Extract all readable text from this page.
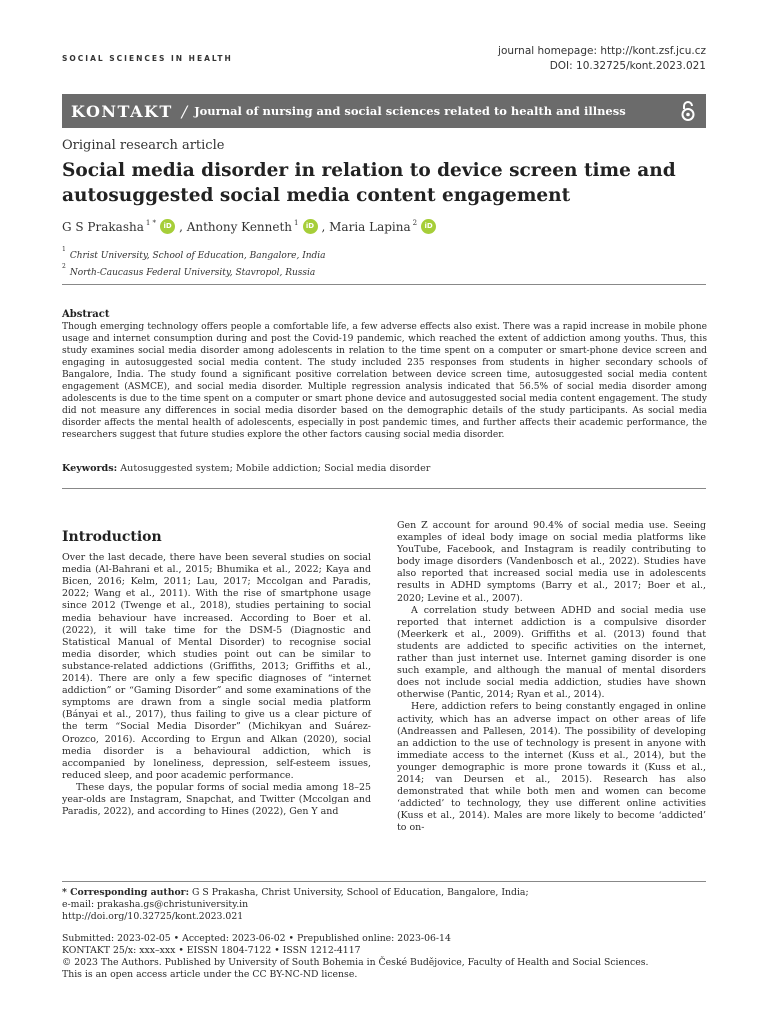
SOCIAL SCIENCES IN HEALTH
journal homepage: http://kont.zsf.jcu.cz
DOI: 10.32725/kont.2023.021
KONTAKT / Journal of nursing and social sciences related to health and illness
Original research article
Social media disorder in relation to device screen time and autosuggested social media content engagement
G S Prakasha $^{1 *}$	iD , Anthony Kenneth $^1$	iD , Maria Lapina $^2$	iD
$^1$Christ University, School of Education, Bangalore, India
$^2$North-Caucasus Federal University, Stavropol, Russia
Abstract
Though emerging technology offers people a comfortable life, a few adverse effects also exist. There was a rapid increase in mobile phone usage and internet consumption during and post the Covid-19 pandemic, which reached the extent of addiction among youths. Thus, this study examines social media disorder among adolescents in relation to the time spent on a computer or smart-phone device screen and engaging in autosuggested social media content. The study included 235 responses from students in higher secondary schools of Bangalore, India. The study found a significant positive correlation between device screen time, autosuggested social media content engagement (ASMCE), and social media disorder. Multiple regression analysis indicated that 56.5% of social media disorder among adolescents is due to the time spent on a computer or smart phone device and autosuggested social media content engagement. The study did not measure any differences in social media disorder based on the demographic details of the study participants. As social media disorder affects the mental health of adolescents, especially in post pandemic times, and further affects their academic performance, the researchers suggest that future studies explore the other factors causing social media disorder.
Keywords: Autosuggested system; Mobile addiction; Social media disorder
Introduction

Over the last decade, there have been several studies on social media (Al-Bahrani et al., 2015; Bhumika et al., 2022; Kaya and Bicen, 2016; Kelm, 2011; Lau, 2017; Mccolgan and Paradis, 2022; Wang et al., 2011). With the rise of smartphone usage since 2012 (Twenge et al., 2018), studies pertaining to social media behaviour have increased. According to Boer et al. (2022), it will take time for the DSM-5 (Diagnostic and Statistical Manual of Mental Disorder) to recognise social media disorder, which studies point out can be similar to substance-related addictions (Griffiths, 2013; Griffiths et al., 2014). There are only a few specific diagnoses of “internet addiction” or “Gaming Disorder” and some examinations of the symptoms are drawn from a single social media platform (Bányai et al., 2017), thus failing to give us a clear picture of the term “Social Media Disorder” (Michikyan and Suárez-Orozco, 2016). According to Ergun and Alkan (2020), social media disorder is a behavioural addiction, which is accompanied by loneliness, depression, self-esteem issues, reduced sleep, and poor academic performance.

These days, the popular forms of social media among 18–25 year-olds are Instagram, Snapchat, and Twitter (Mccolgan and Paradis, 2022), and according to Hines (2022), Gen Y and

Gen Z account for around 90.4% of social media use. Seeing examples of ideal body image on social media platforms like YouTube, Facebook, and Instagram is readily contributing to body image disorders (Vandenbosch et al., 2022). Studies have also reported that increased social media use in adolescents results in ADHD symptoms (Barry et al., 2017; Boer et al., 2020; Levine et al., 2007).

A correlation study between ADHD and social media use reported that internet addiction is a compulsive disorder (Meerkerk et al., 2009). Griffiths et al. (2013) found that students are addicted to specific activities on the internet, rather than just internet use. Internet gaming disorder is one such example, and although the manual of mental disorders does not include social media addiction, studies have shown otherwise (Pantic, 2014; Ryan et al., 2014).

Here, addiction refers to being constantly engaged in online activity, which has an adverse impact on other areas of life (Andreassen and Pallesen, 2014). The possibility of developing an addiction to the use of technology is present in anyone with immediate access to the internet (Kuss et al., 2014), but the younger demographic is more prone towards it (Kuss et al., 2014; van Deursen et al., 2015). Research has also demonstrated that while both men and women can become ‘addicted’ to technology, they use different online activities (Kuss et al., 2014). Males are more likely to become ‘addicted’ to on-

* Corresponding author: G S Prakasha, Christ University, School of Education, Bangalore, India;
e-mail: prakasha.gs@christuniversity.in
http://doi.org/10.32725/kont.2023.021
Submitted: 2023-02-05 • Accepted: 2023-06-02 • Prepublished online: 2023-06-14
KONTAKT 25/x: xxx–xxx • EISSN 1804-7122 • ISSN 1212-4117
© 2023 The Authors. Published by University of South Bohemia in České Budějovice, Faculty of Health and Social Sciences.
This is an open access article under the CC BY-NC-ND license.
